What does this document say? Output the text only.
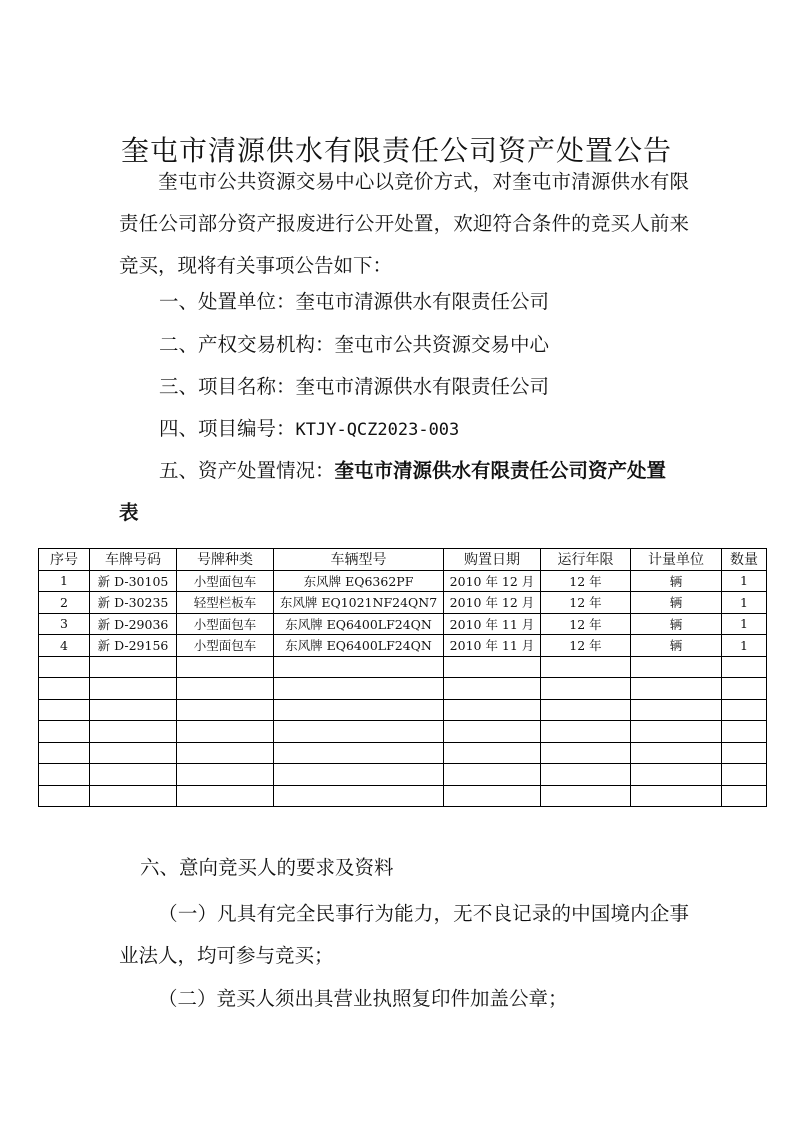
奎屯市清源供水有限责任公司资产处置公告

奎屯市公共资源交易中心以竞价方式，对奎屯市清源供水有限责任公司部分资产报废进行公开处置，欢迎符合条件的竞买人前来竞买，现将有关事项公告如下：

一、处置单位：奎屯市清源供水有限责任公司
二、产权交易机构：奎屯市公共资源交易中心
三、项目名称：奎屯市清源供水有限责任公司
四、项目编号：KTJY-QCZ2023-003
五、资产处置情况：奎屯市清源供水有限责任公司资产处置
表
序号	车牌号码	号牌种类	车辆型号	购置日期	运行年限	计量单位	数量
1	新 D-30105	小型面包车	东风牌 EQ6362PF	2010 年 12 月	12 年	辆	1
2	新 D-30235	轻型栏板车	东风牌 EQ1021NF24QN7	2010 年 12 月	12 年	辆	1
3	新 D-29036	小型面包车	东风牌 EQ6400LF24QN	2010 年 11 月	12 年	辆	1
4	新 D-29156	小型面包车	东风牌 EQ6400LF24QN	2010 年 11 月	12 年	辆	1

六、意向竞买人的要求及资料

（一）凡具有完全民事行为能力，无不良记录的中国境内企事业法人，均可参与竞买；

（二）竞买人须出具营业执照复印件加盖公章；
